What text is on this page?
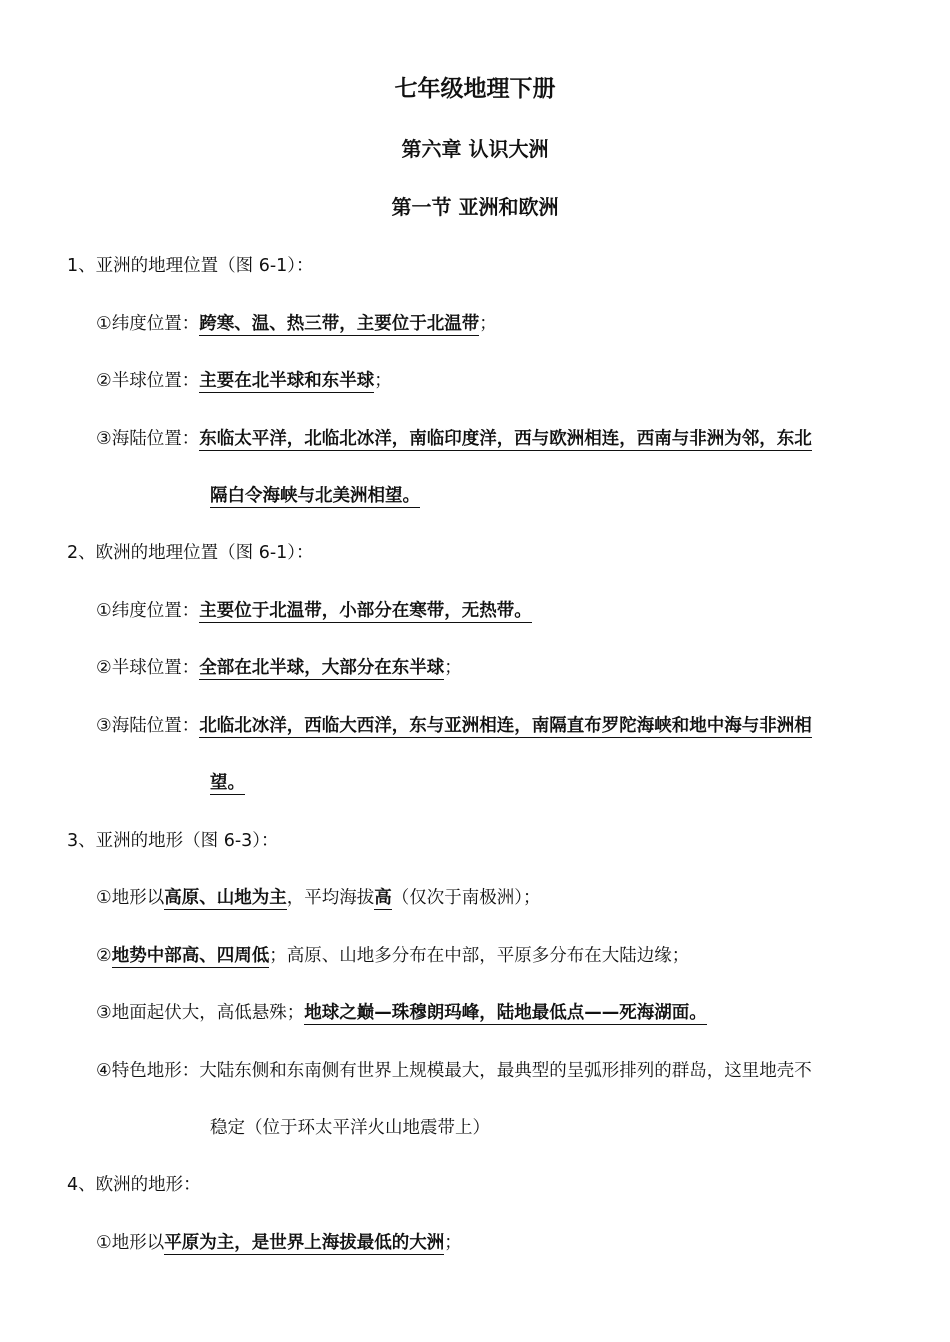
七年级地理下册
第六章 认识大洲
第一节 亚洲和欧洲
1、亚洲的地理位置（图 6-1）：
①纬度位置：跨寒、温、热三带，主要位于北温带；
②半球位置：主要在北半球和东半球；
③海陆位置：东临太平洋，北临北冰洋，南临印度洋，西与欧洲相连，西南与非洲为邻，东北
隔白令海峡与北美洲相望。
2、欧洲的地理位置（图 6-1）：
①纬度位置：主要位于北温带，小部分在寒带，无热带。
②半球位置：全部在北半球，大部分在东半球；
③海陆位置：北临北冰洋，西临大西洋，东与亚洲相连，南隔直布罗陀海峡和地中海与非洲相
望。
3、亚洲的地形（图 6-3）：
①地形以高原、山地为主，平均海拔高（仅次于南极洲）；
②地势中部高、四周低；高原、山地多分布在中部，平原多分布在大陆边缘；
③地面起伏大，高低悬殊；地球之巅—珠穆朗玛峰，陆地最低点——死海湖面。
④特色地形：大陆东侧和东南侧有世界上规模最大，最典型的呈弧形排列的群岛，这里地壳不
稳定（位于环太平洋火山地震带上）
4、欧洲的地形：
①地形以平原为主，是世界上海拔最低的大洲；
